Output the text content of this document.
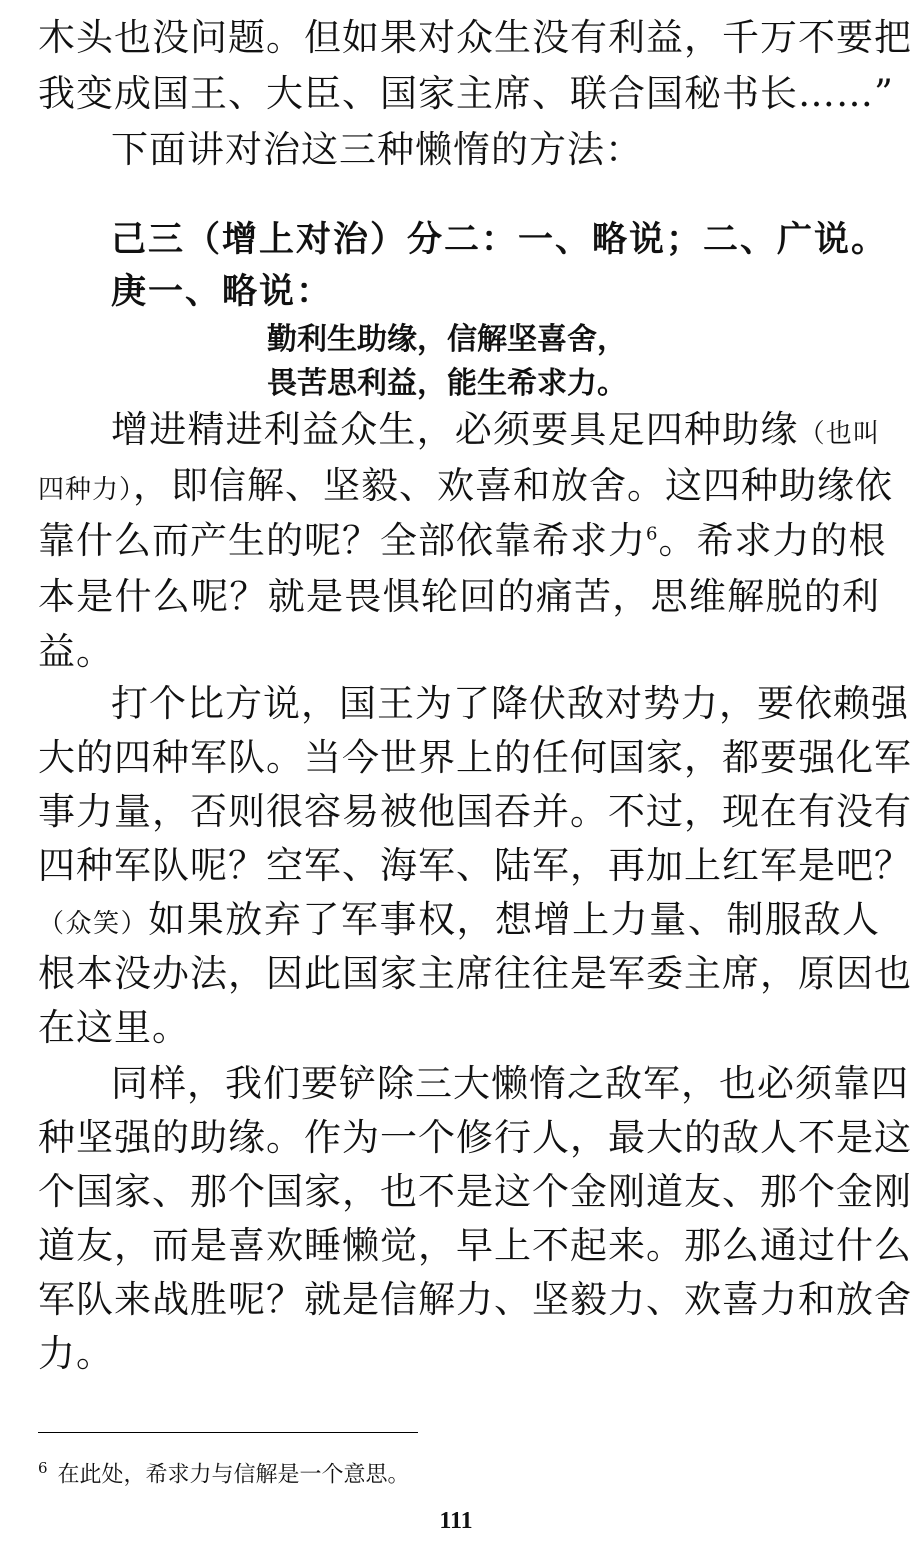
木头也没问题。但如果对众生没有利益，千万不要把
我变成国王、大臣、国家主席、联合国秘书长……”
下面讲对治这三种懒惰的方法：
己三（增上对治）分二：一、略说；二、广说。
庚一、略说：
勤利生助缘，信解坚喜舍，
畏苦思利益，能生希求力。
增进精进利益众生，必须要具足四种助缘（也叫
四种力），即信解、坚毅、欢喜和放舍。这四种助缘依
靠什么而产生的呢？全部依靠希求力$^6$。希求力的根
本是什么呢？就是畏惧轮回的痛苦，思维解脱的利
益。
打个比方说，国王为了降伏敌对势力，要依赖强
大的四种军队。当今世界上的任何国家，都要强化军
事力量，否则很容易被他国吞并。不过，现在有没有
四种军队呢？空军、海军、陆军，再加上红军是吧？
（众笑）如果放弃了军事权，想增上力量、制服敌人
根本没办法，因此国家主席往往是军委主席，原因也
在这里。
同样，我们要铲除三大懒惰之敌军，也必须靠四
种坚强的助缘。作为一个修行人，最大的敌人不是这
个国家、那个国家，也不是这个金刚道友、那个金刚
道友，而是喜欢睡懒觉，早上不起来。那么通过什么
军队来战胜呢？就是信解力、坚毅力、欢喜力和放舍
力。
$^6$ 在此处，希求力与信解是一个意思。
111
